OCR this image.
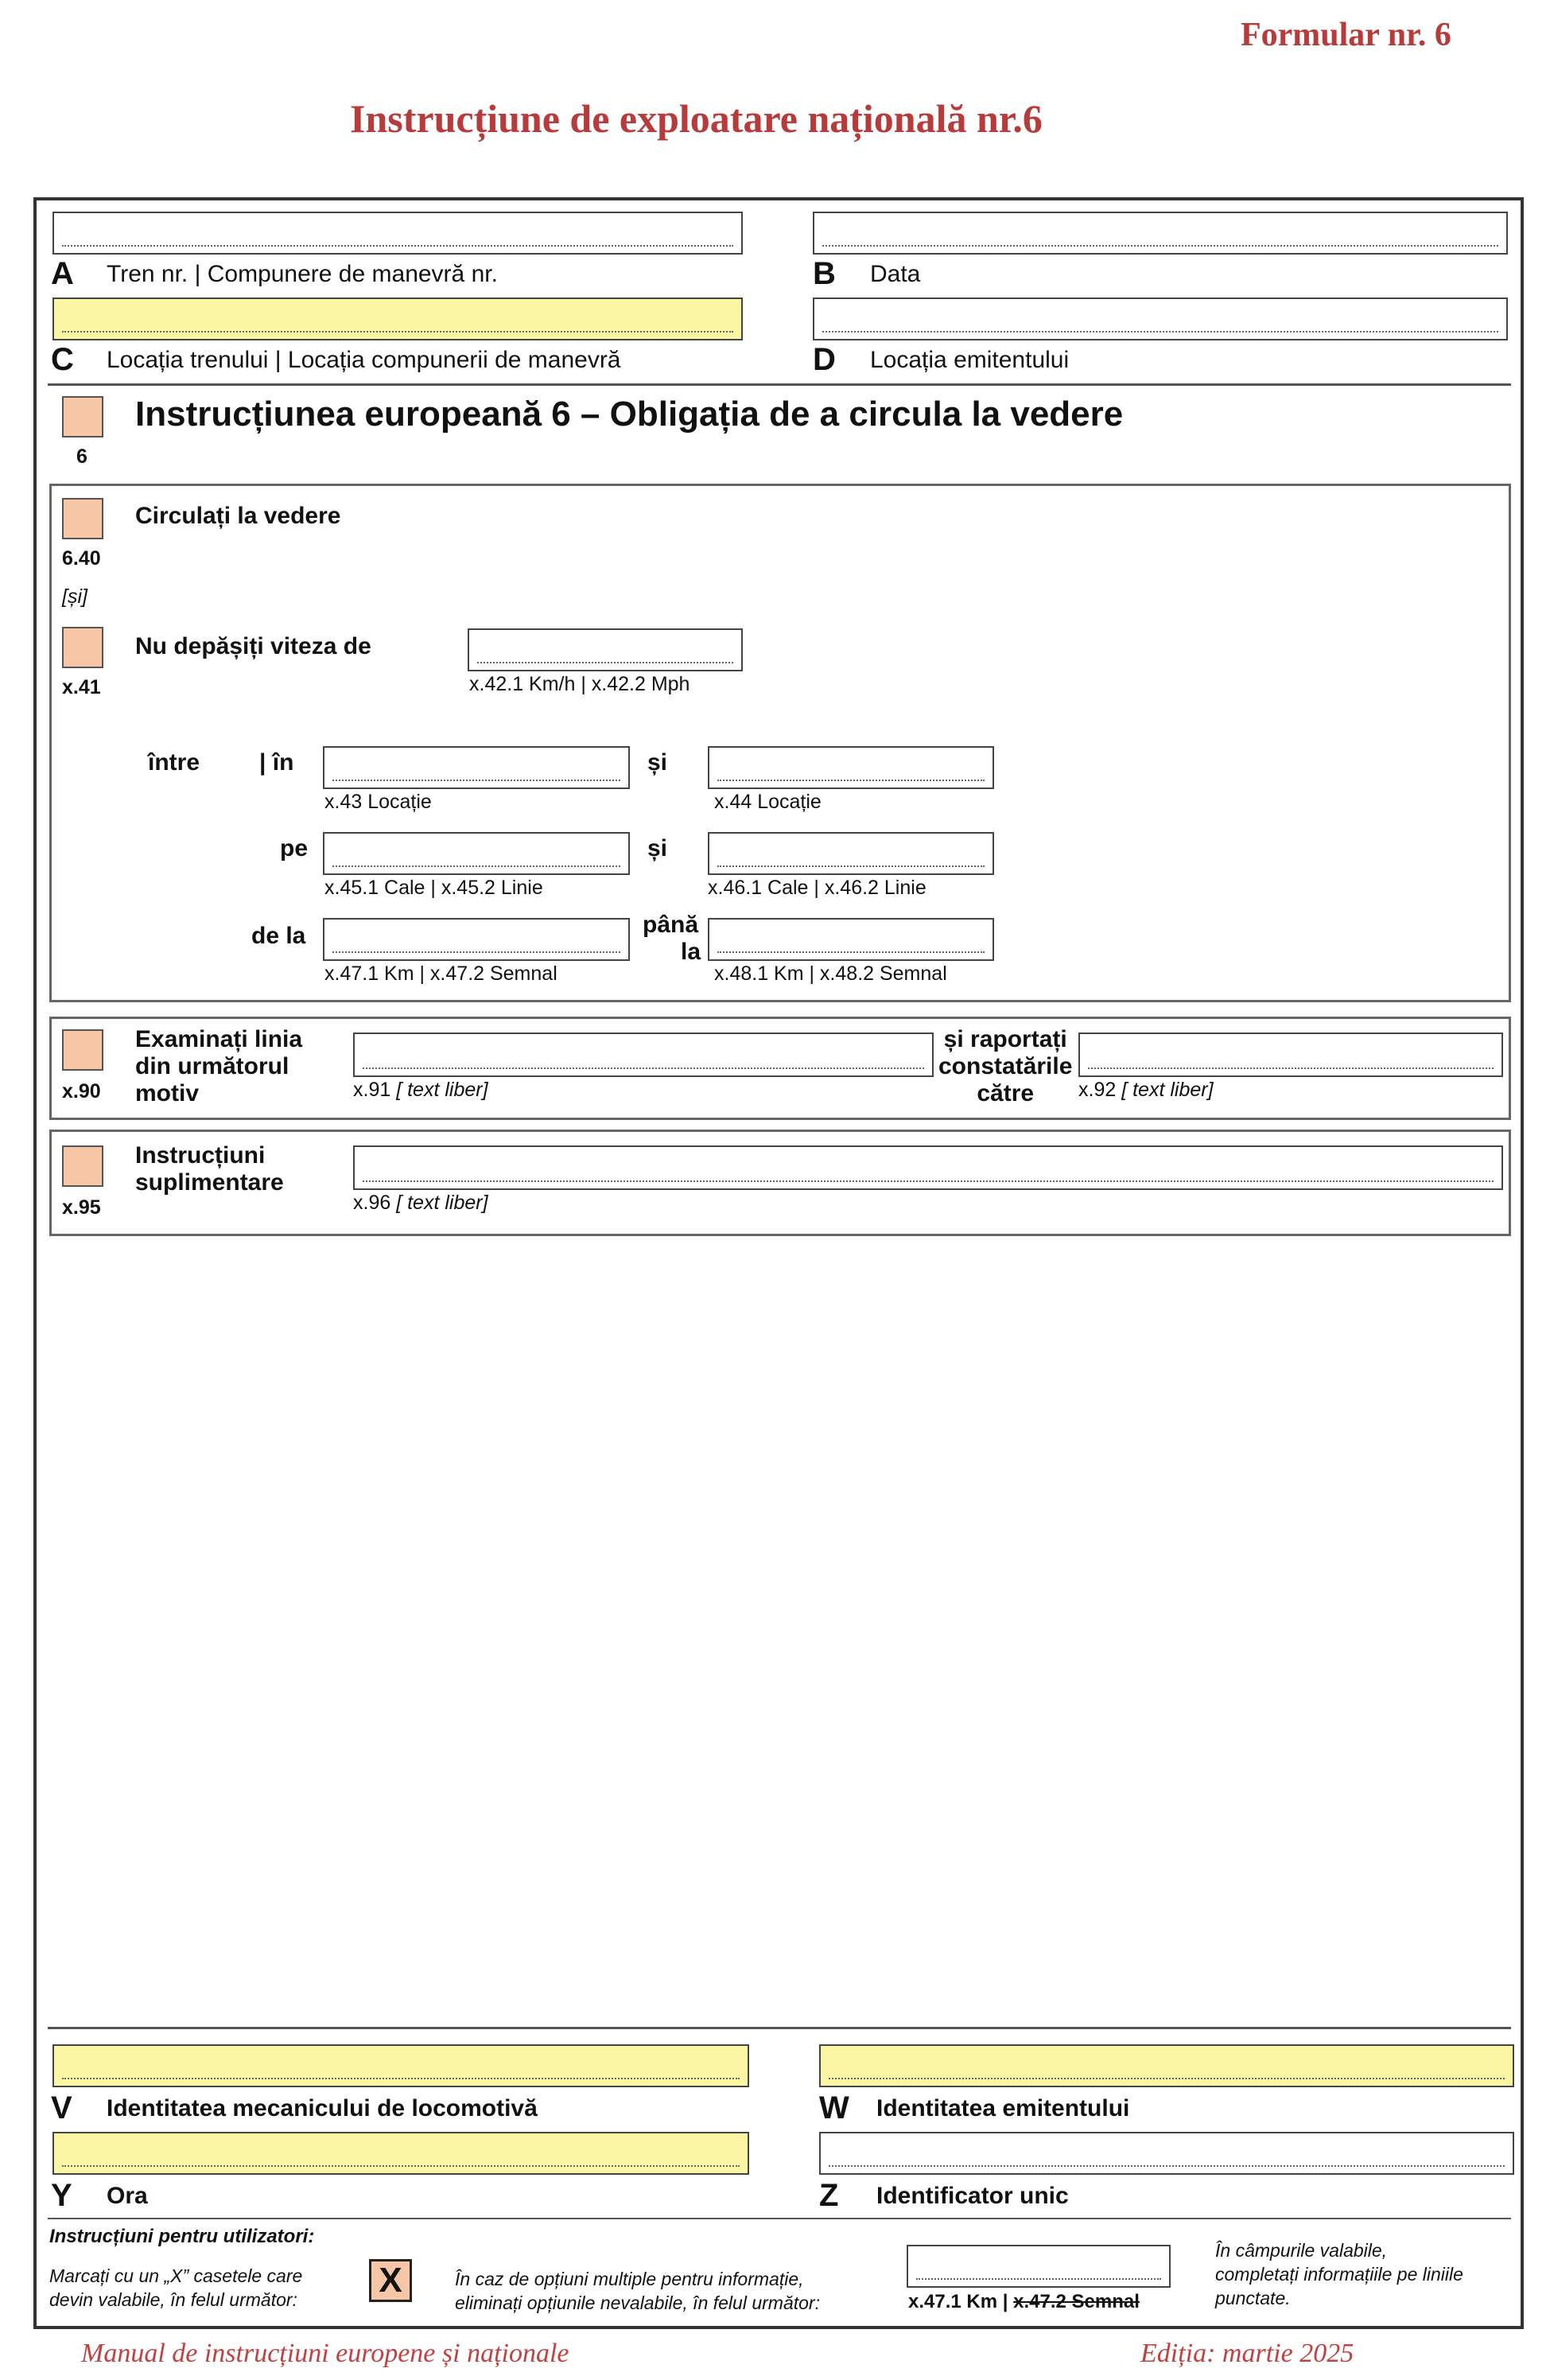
Formular nr. 6
Instrucțiune de exploatare națională nr.6
A Tren nr. | Compunere de manevră nr.	B Data
C Locația trenului | Locația compunerii de manevră	D Locația emitentului
6
Instrucțiunea europeană 6 – Obligația de a circula la vedere
6.40
Circulați la vedere
[și]
x.41
Nu depășiți viteza de
x.42.1 Km/h | x.42.2 Mph
între | în
x.43 Locație
și
x.44 Locație
pe
x.45.1 Cale | x.45.2 Linie
și
x.46.1 Cale | x.46.2 Linie
de la
x.47.1 Km | x.47.2 Semnal
până
la
x.48.1 Km | x.48.2 Semnal
x.90
Examinați linia
din următorul
motiv	x.91 [ text liber]
și raportați
constatările
către	x.92 [ text liber]
x.95
Instrucțiuni
suplimentare
x.96 [ text liber]
V Identitatea mecanicului de locomotivă	W Identitatea emitentului
Y Ora	Z Identificator unic
Instrucțiuni pentru utilizatori:
Marcați cu un „X” casetele care
devin valabile, în felul următor: X	În caz de opțiuni multiple pentru informație,
eliminați opțiunile nevalabile, în felul următor:	x.47.1 Km | x.47.2 Semnal
În câmpurile valabile,
completați informațiile pe liniile
punctate.
Manual de instrucțiuni europene și naționale	Ediția: martie 2025
